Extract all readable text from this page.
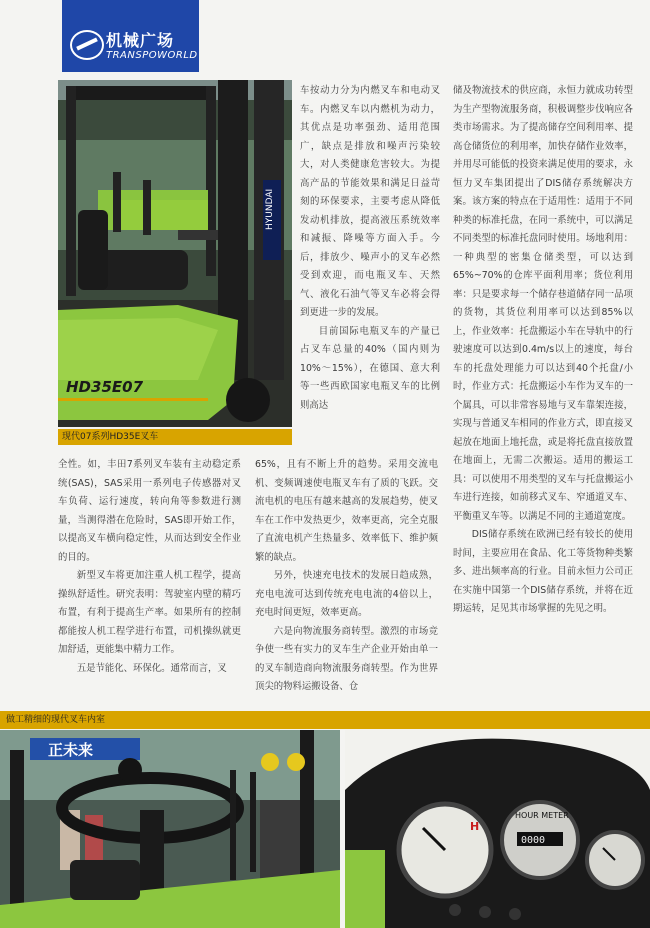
机械广场
TRANSPOWORLD
HYUNDAI
HD35E07
现代07系列HD35E叉车

车按动力分为内燃叉车和电动叉车。内燃叉车以内燃机为动力，其优点是功率强劲、适用范围广，缺点是排放和噪声污染较大，对人类健康危害较大。为提高产品的节能效果和满足日益苛刻的环保要求，主要考虑从降低发动机排放，提高液压系统效率和减振、降噪等方面入手。今后，排放少、噪声小的叉车必然受到欢迎，而电瓶叉车、天然气、液化石油气等叉车必将会得到更进一步的发展。

目前国际电瓶叉车的产量已占叉车总量的40%（国内则为10%～15%），在德国、意大利等一些西欧国家电瓶叉车的比例则高达

储及物流技术的供应商，永恒力就成功转型为生产型物流服务商，积极调整步伐响应各类市场需求。为了提高储存空间利用率、提高仓储货位的利用率，加快存储作业效率，并用尽可能低的投资来满足使用的要求，永恒力叉车集团提出了DIS储存系统解决方案。该方案的特点在于适用性：适用于不同种类的标准托盘，在同一系统中，可以满足不同类型的标准托盘同时使用。场地利用：一种典型的密集仓储类型，可以达到65%~70%的仓库平面利用率；货位利用率：只是要求每一个储存巷道储存同一品项的货物，其货位利用率可以达到85%以上，作业效率：托盘搬运小车在导轨中的行驶速度可以达到0.4m/s以上的速度，每台车的托盘处理能力可以达到40个托盘/小时，作业方式：托盘搬运小车作为叉车的一个属具，可以非常容易地与叉车靠架连接，实现与普通叉车相同的作业方式，即直接叉起放在地面上地托盘，或是将托盘直接放置在地面上，无需二次搬运。适用的搬运工具：可以使用不用类型的叉车与托盘搬运小车进行连接，如前移式叉车、窄通道叉车、平衡重叉车等。以满足不同的主通道宽度。

DIS储存系统在欧洲已经有较长的使用时间，主要应用在食品、化工等货物种类繁多、进出频率高的行业。目前永恒力公司正在实施中国第一个DIS储存系统，并将在近期运转，足见其市场掌握的先见之明。

全性。如，丰田7系列叉车装有主动稳定系统(SAS)，SAS采用一系列电子传感器对叉车负荷、运行速度，转向角等参数进行测量，当测得潜在危险时，SAS即开始工作，以提高叉车横向稳定性，从而达到安全作业的目的。

新型叉车将更加注重人机工程学，提高操纵舒适性。研究表明：驾驶室内壁的精巧布置，有利于提高生产率。如果所有的控制都能按人机工程学进行布置，司机操纵就更加舒适，更能集中精力工作。

五是节能化、环保化。通常而言，叉

65%，且有不断上升的趋势。采用交流电机、变频调速使电瓶叉车有了质的飞跃。交流电机的电压有越来越高的发展趋势，使叉车在工作中发热更少，效率更高，完全克服了直流电机产生热量多、效率低下、维护频繁的缺点。

另外，快速充电技术的发展日趋成熟，充电电流可达到传统充电电流的4倍以上，充电时间更短，效率更高。

六是向物流服务商转型。激烈的市场竞争使一些有实力的叉车生产企业开始由单一的叉车制造商向物流服务商转型。作为世界顶尖的物料运搬设备、仓

做工精细的现代叉车内室
正未来
H
HOUR METER
0000
